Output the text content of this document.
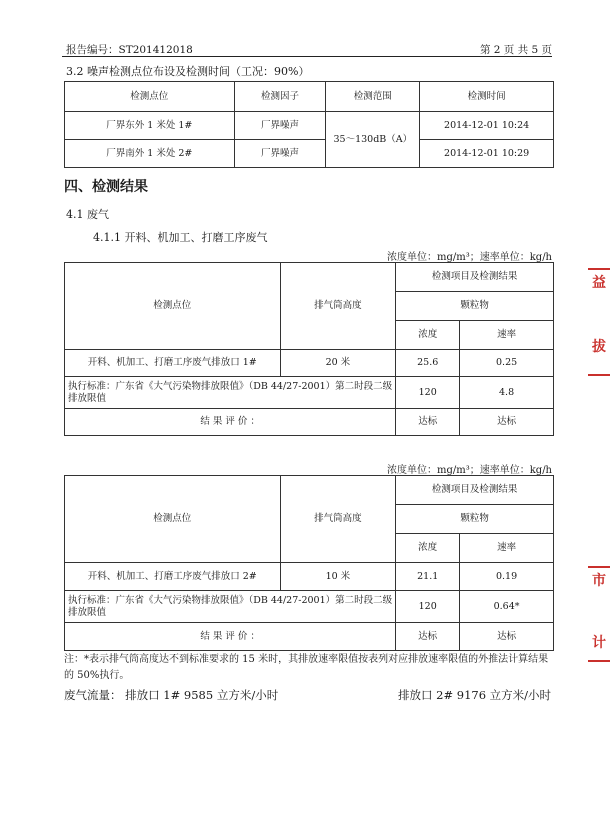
报告编号：ST201412018	第 2 页 共 5 页
3.2 噪声检测点位布设及检测时间（工况：90%）
检测点位	检测因子	检测范围	检测时间
厂界东外 1 米处 1#	厂界噪声	35～130dB（A）	2014-12-01 10:24
厂界南外 1 米处 2#	厂界噪声		2014-12-01 10:29
四、检测结果
4.1 废气
4.1.1 开料、机加工、打磨工序废气
浓度单位：mg/m³；速率单位：kg/h
检测点位	排气筒高度	检测项目及检测结果	
		颗粒物	
		浓度	速率
开料、机加工、打磨工序废气排放口 1#	20 米	25.6	0.25
执行标准：广东省《大气污染物排放限值》（DB 44/27-2001）第二时段二级排放限值		120	4.8
结 果 评 价 ：		达标	达标
浓度单位：mg/m³；速率单位：kg/h
检测点位	排气筒高度	检测项目及检测结果	
		颗粒物	
		浓度	速率
开料、机加工、打磨工序废气排放口 2#	10 米	21.1	0.19
执行标准：广东省《大气污染物排放限值》（DB 44/27-2001）第二时段二级排放限值		120	0.64*
结 果 评 价 ：		达标	达标
注：*表示排气筒高度达不到标准要求的 15 米时，其排放速率限值按表列对应排放速率限值的外推法计算结果的 50%执行。
废气流量： 排放口 1# 9585 立方米/小时	排放口 2# 9176 立方米/小时
益
拔
市
计
